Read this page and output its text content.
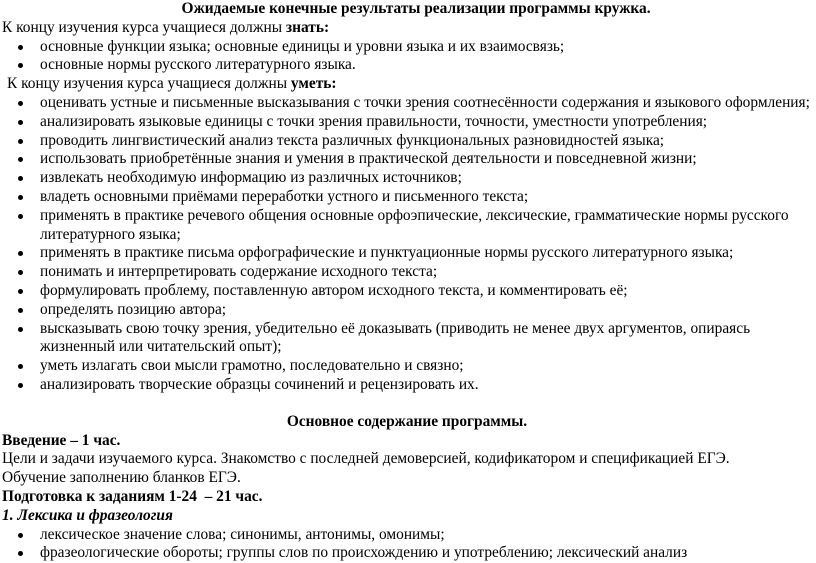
Ожидаемые конечные результаты реализации программы кружка.

К концу изучения курса учащиеся должны знать:

основные функции языка; основные единицы и уровни языка и их взаимосвязь;
основные нормы русского литературного языка.

К концу изучения курса учащиеся должны уметь:

оценивать устные и письменные высказывания с точки зрения соотнесённости содержания и языкового оформления;
анализировать языковые единицы с точки зрения правильности, точности, уместности употребления;
проводить лингвистический анализ текста различных функциональных разновидностей языка;
использовать приобретённые знания и умения в практической деятельности и повседневной жизни;
извлекать необходимую информацию из различных источников;
владеть основными приёмами переработки устного и письменного текста;
применять в практике речевого общения основные орфоэпические, лексические, грамматические нормы русского литературного языка;
применять в практике письма орфографические и пунктуационные нормы русского литературного языка;
понимать и интерпретировать содержание исходного текста;
формулировать проблему, поставленную автором исходного текста, и комментировать её;
определять позицию автора;
высказывать свою точку зрения, убедительно её доказывать (приводить не менее двух аргументов, опираясь жизненный или читательский опыт);
уметь излагать свои мысли грамотно, последовательно и связно;
анализировать творческие образцы сочинений и рецензировать их.

Основное содержание программы.

Введение – 1 час.

Цели и задачи изучаемого курса. Знакомство с последней демоверсией, кодификатором и спецификацией ЕГЭ.

Обучение заполнению бланков ЕГЭ.

Подготовка к заданиям 1-24  – 21 час.

1. Лексика и фразеология

лексическое значение слова; синонимы, антонимы, омонимы;
фразеологические обороты; группы слов по происхождению и употреблению; лексический анализ
